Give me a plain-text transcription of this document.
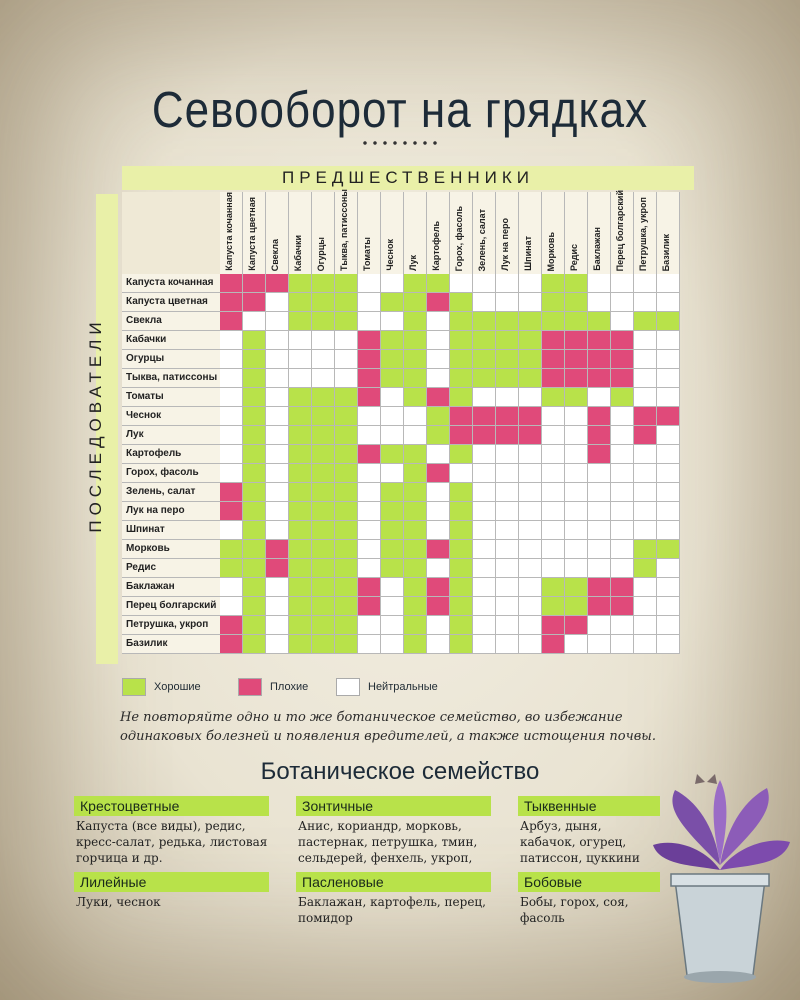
Севооборот на грядках
ПРЕДШЕСТВЕННИКИ
ПОСЛЕДОВАТЕЛИ
Капуста кочанная Капуста цветная Свекла Кабачки Огурцы Тыква, патиссоны Томаты Чеснок Лук Картофель Горох, фасоль Зелень, салат Лук на перо Шпинат Морковь Редис Баклажан Перец болгарский Петрушка, укроп Базилик
Капуста кочанная
Капуста цветная
Свекла
Кабачки
Огурцы
Тыква, патиссоны
Томаты
Чеснок
Лук
Картофель
Горох, фасоль
Зелень, салат
Лук на перо
Шпинат
Морковь
Редис
Баклажан
Перец болгарский
Петрушка, укроп
Базилик
Хорошие	Плохие	Нейтральные
Не повторяйте одно и то же ботаническое семейство, во избежание одинаковых болезней и появления вредителей, а также истощения почвы.
Ботаническое семейство
Крестоцветные
Капуста (все виды), редис, кресс-салат, редька, листовая горчица и др.
Зонтичные
Анис, кориандр, морковь, пастернак, петрушка, тмин, сельдерей, фенхель, укроп,
Тыквенные
Арбуз, дыня, кабачок, огурец, патиссон, цуккини
Лилейные
Луки, чеснок
Пасленовые
Баклажан, картофель, перец, помидор
Бобовые
Бобы, горох, соя, фасоль
